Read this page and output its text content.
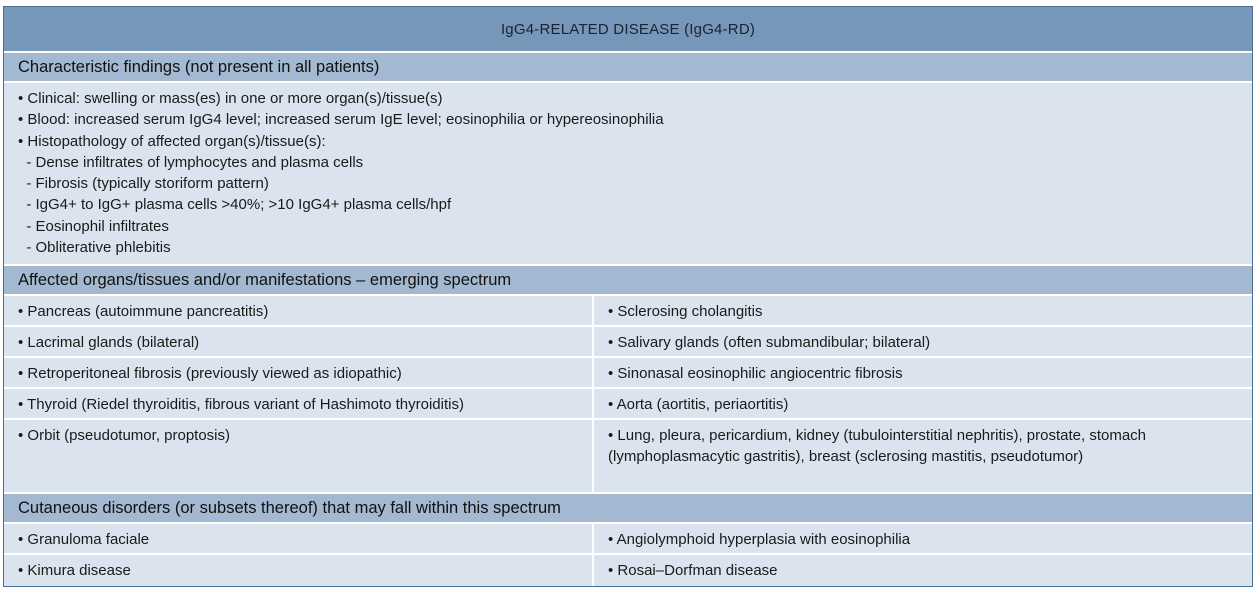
IgG4-RELATED DISEASE (IgG4-RD)
Characteristic findings (not present in all patients)
• Clinical: swelling or mass(es) in one or more organ(s)/tissue(s)
• Blood: increased serum IgG4 level; increased serum IgE level; eosinophilia or hypereosinophilia
• Histopathology of affected organ(s)/tissue(s):
- Dense infiltrates of lymphocytes and plasma cells
- Fibrosis (typically storiform pattern)
- IgG4+ to IgG+ plasma cells >40%; >10 IgG4+ plasma cells/hpf
- Eosinophil infiltrates
- Obliterative phlebitis
Affected organs/tissues and/or manifestations – emerging spectrum
• Pancreas (autoimmune pancreatitis)	• Sclerosing cholangitis
• Lacrimal glands (bilateral)	• Salivary glands (often submandibular; bilateral)
• Retroperitoneal fibrosis (previously viewed as idiopathic)	• Sinonasal eosinophilic angiocentric fibrosis
• Thyroid (Riedel thyroiditis, fibrous variant of Hashimoto thyroiditis)	• Aorta (aortitis, periaortitis)
• Orbit (pseudotumor, proptosis)	• Lung, pleura, pericardium, kidney (tubulointerstitial nephritis), prostate, stomach (lymphoplasmacytic gastritis), breast (sclerosing mastitis, pseudotumor)
Cutaneous disorders (or subsets thereof) that may fall within this spectrum
• Granuloma faciale	• Angiolymphoid hyperplasia with eosinophilia
• Kimura disease	• Rosai–Dorfman disease
